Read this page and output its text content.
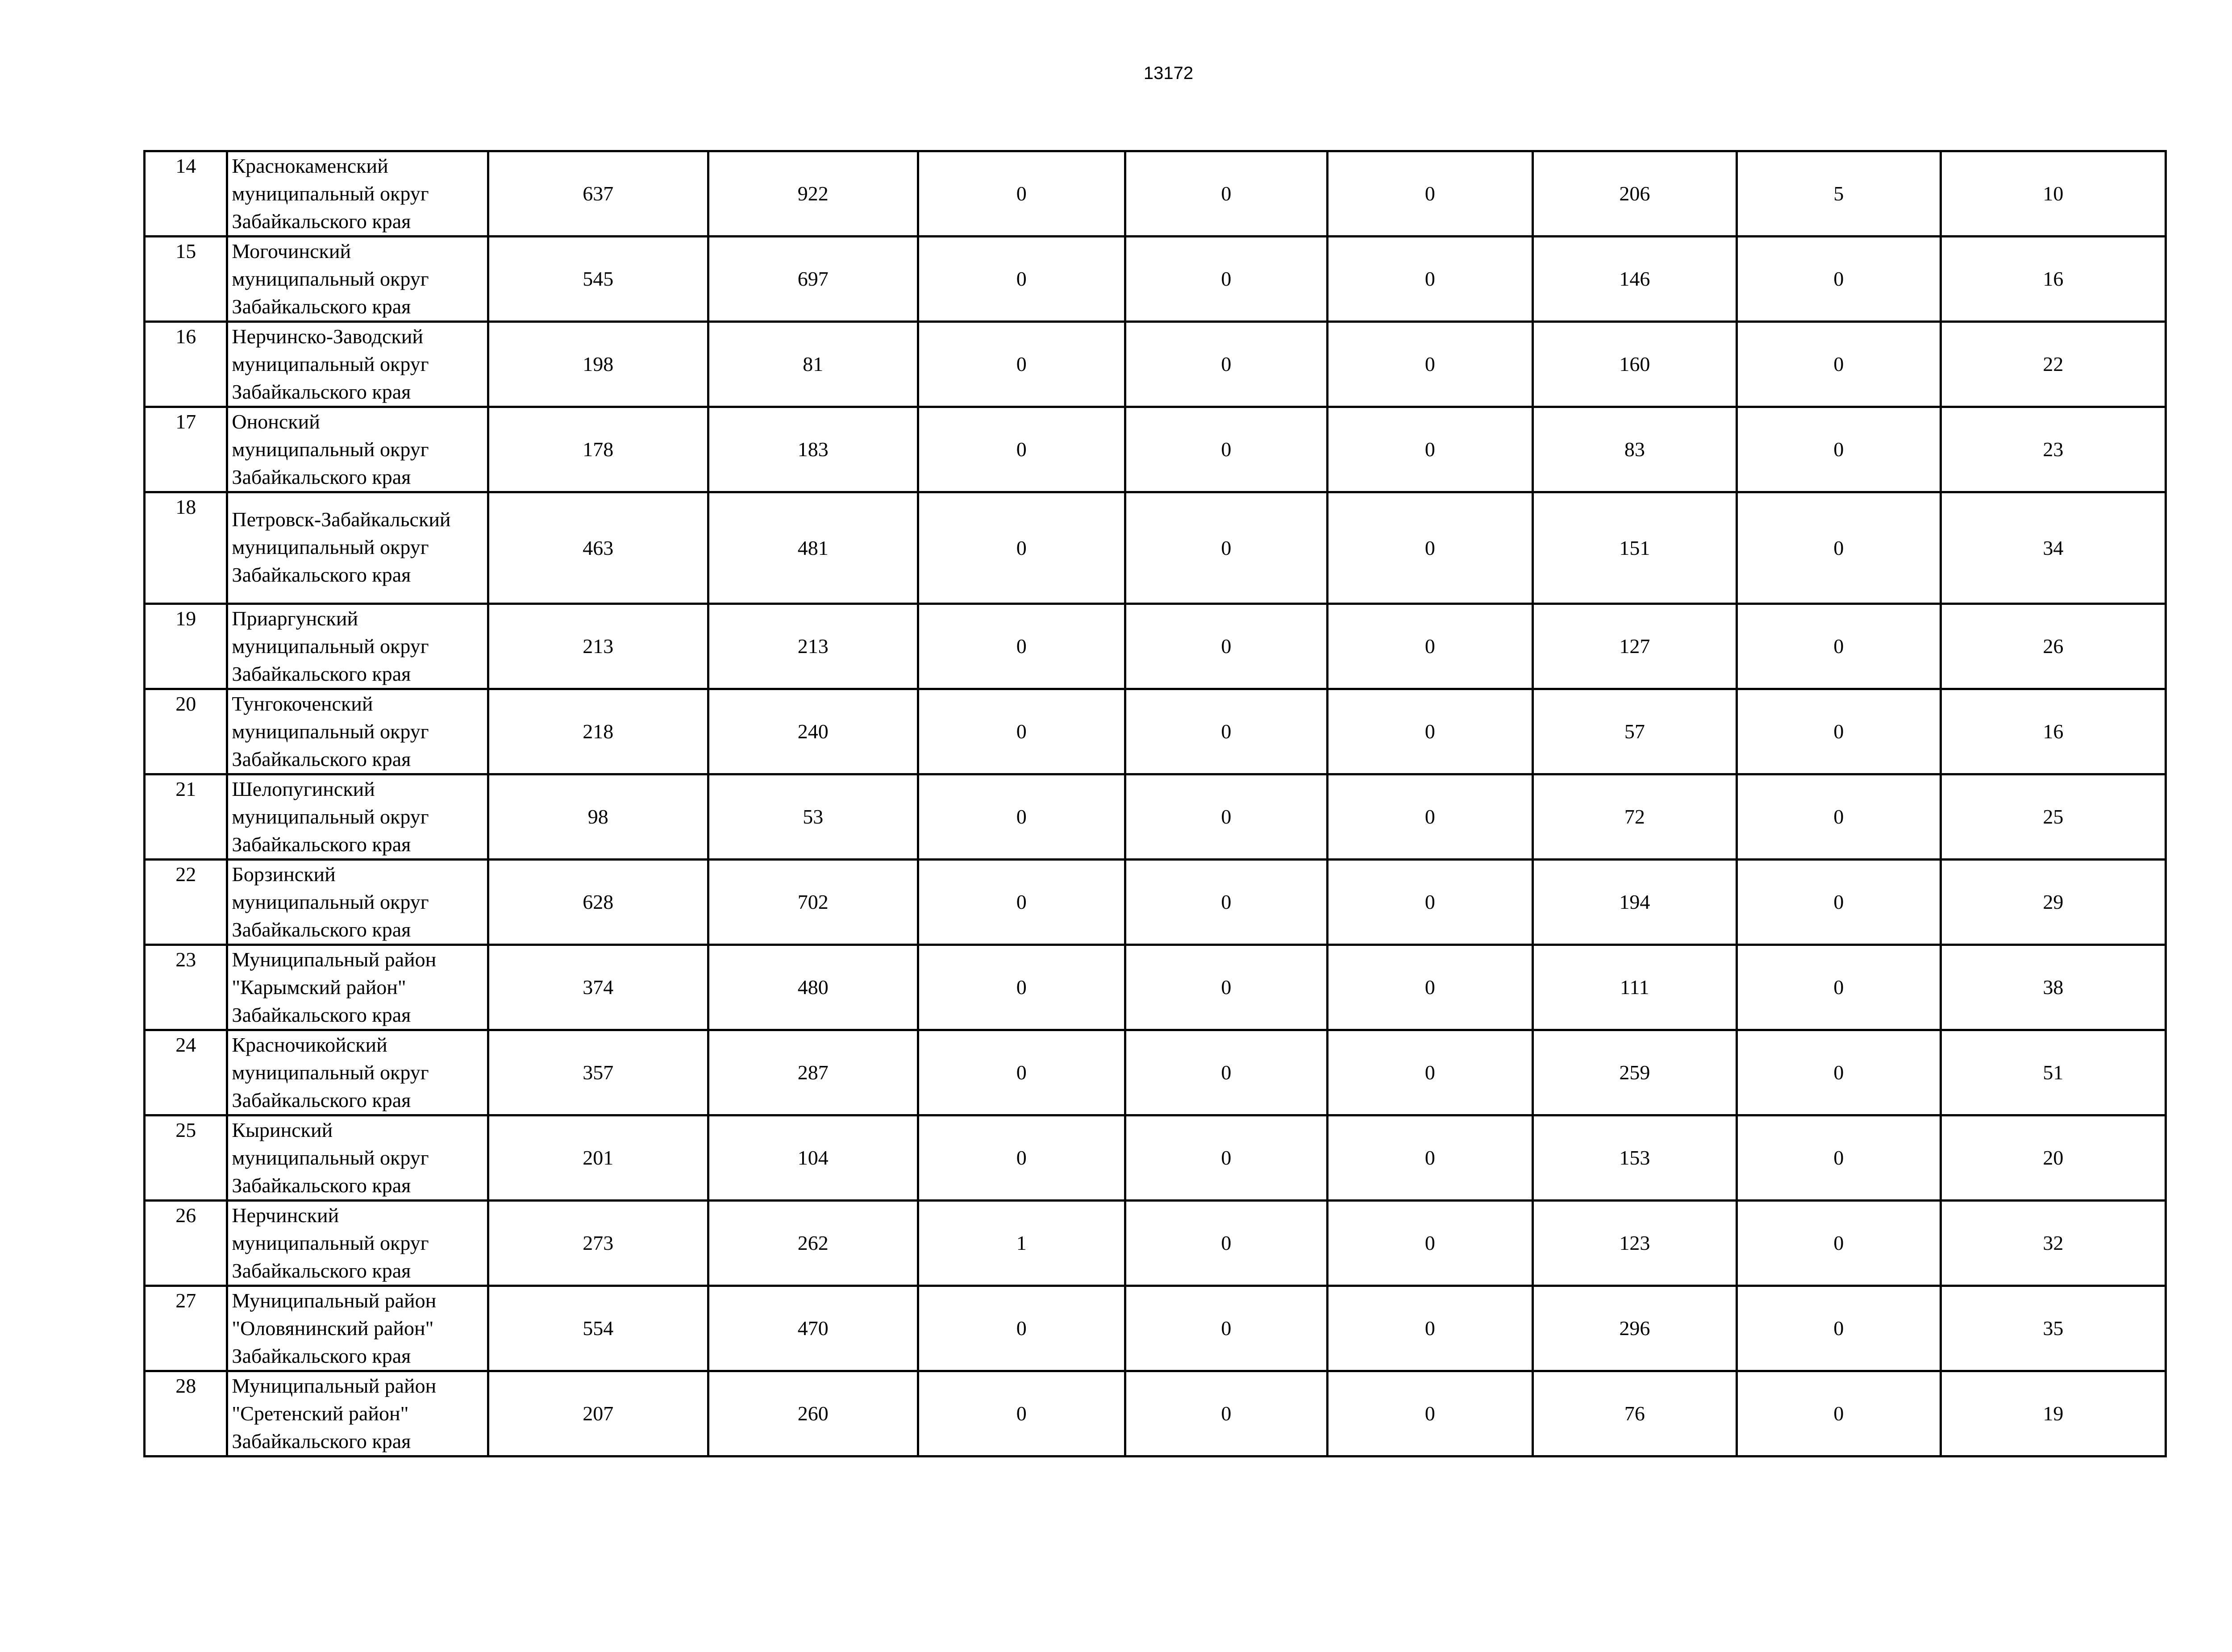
13172
14	Краснокаменский
муниципальный округ
Забайкальского края	637	922	0	0	0	206	5	10
15	Могочинский
муниципальный округ
Забайкальского края	545	697	0	0	0	146	0	16
16	Нерчинско-Заводский
муниципальный округ
Забайкальского края	198	81	0	0	0	160	0	22
17	Ононский
муниципальный округ
Забайкальского края	178	183	0	0	0	83	0	23
18	Петровск-Забайкальский
муниципальный округ
Забайкальского края	463	481	0	0	0	151	0	34
19	Приаргунский
муниципальный округ
Забайкальского края	213	213	0	0	0	127	0	26
20	Тунгокоченский
муниципальный округ
Забайкальского края	218	240	0	0	0	57	0	16
21	Шелопугинский
муниципальный округ
Забайкальского края	98	53	0	0	0	72	0	25
22	Борзинский
муниципальный округ
Забайкальского края	628	702	0	0	0	194	0	29
23	Муниципальный район
"Карымский район"
Забайкальского края	374	480	0	0	0	111	0	38
24	Красночикойский
муниципальный округ
Забайкальского края	357	287	0	0	0	259	0	51
25	Кыринский
муниципальный округ
Забайкальского края	201	104	0	0	0	153	0	20
26	Нерчинский
муниципальный округ
Забайкальского края	273	262	1	0	0	123	0	32
27	Муниципальный район
"Оловянинский район"
Забайкальского края	554	470	0	0	0	296	0	35
28	Муниципальный район
"Сретенский район"
Забайкальского края	207	260	0	0	0	76	0	19
